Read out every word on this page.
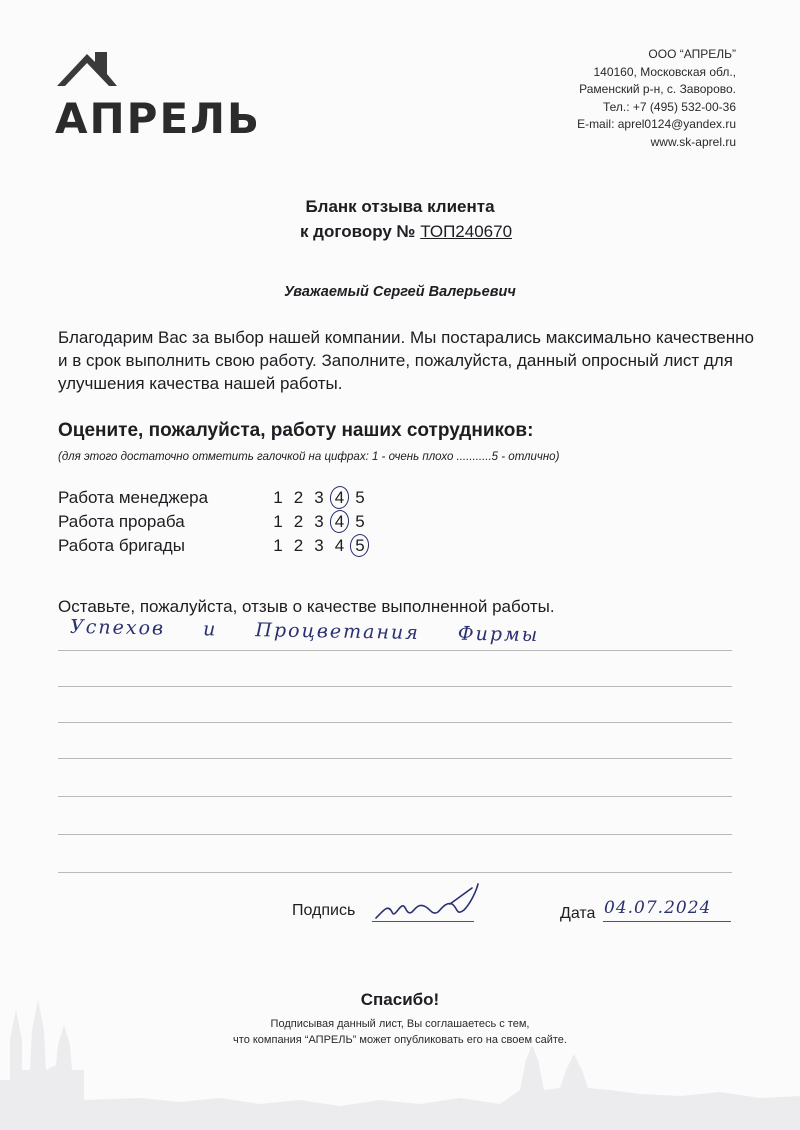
АПРЕЛЬ
ООО “АПРЕЛЬ”
140160, Московская обл.,
Раменский р-н, с. Заворово.
Тел.: +7 (495) 532-00-36
E-mail: aprel0124@yandex.ru
www.sk-aprel.ru
Бланк отзыва клиента
к договору № ТОП240670
Уважаемый Сергей Валерьевич
Благодарим Вас за выбор нашей компании. Мы постарались максимально качественно и в срок выполнить свою работу. Заполните, пожалуйста, данный опросный лист для улучшения качества нашей работы.
Оцените, пожалуйста, работу наших сотрудников:
(для этого достаточно отметить галочкой на цифрах: 1 - очень плохо ...........5 - отлично)
Работа менеджера	1 2 3 4 5
Работа прораба	1 2 3 4 5
Работа бригады	1 2 3 4 5
Оставьте, пожалуйста, отзыв о качестве выполненной работы.
Успехов и Процветания Фирмы
Подпись	Дата 04.07.2024
Спасибо!
Подписывая данный лист, Вы соглашаетесь с тем,
что компания “АПРЕЛЬ” может опубликовать его на своем сайте.
